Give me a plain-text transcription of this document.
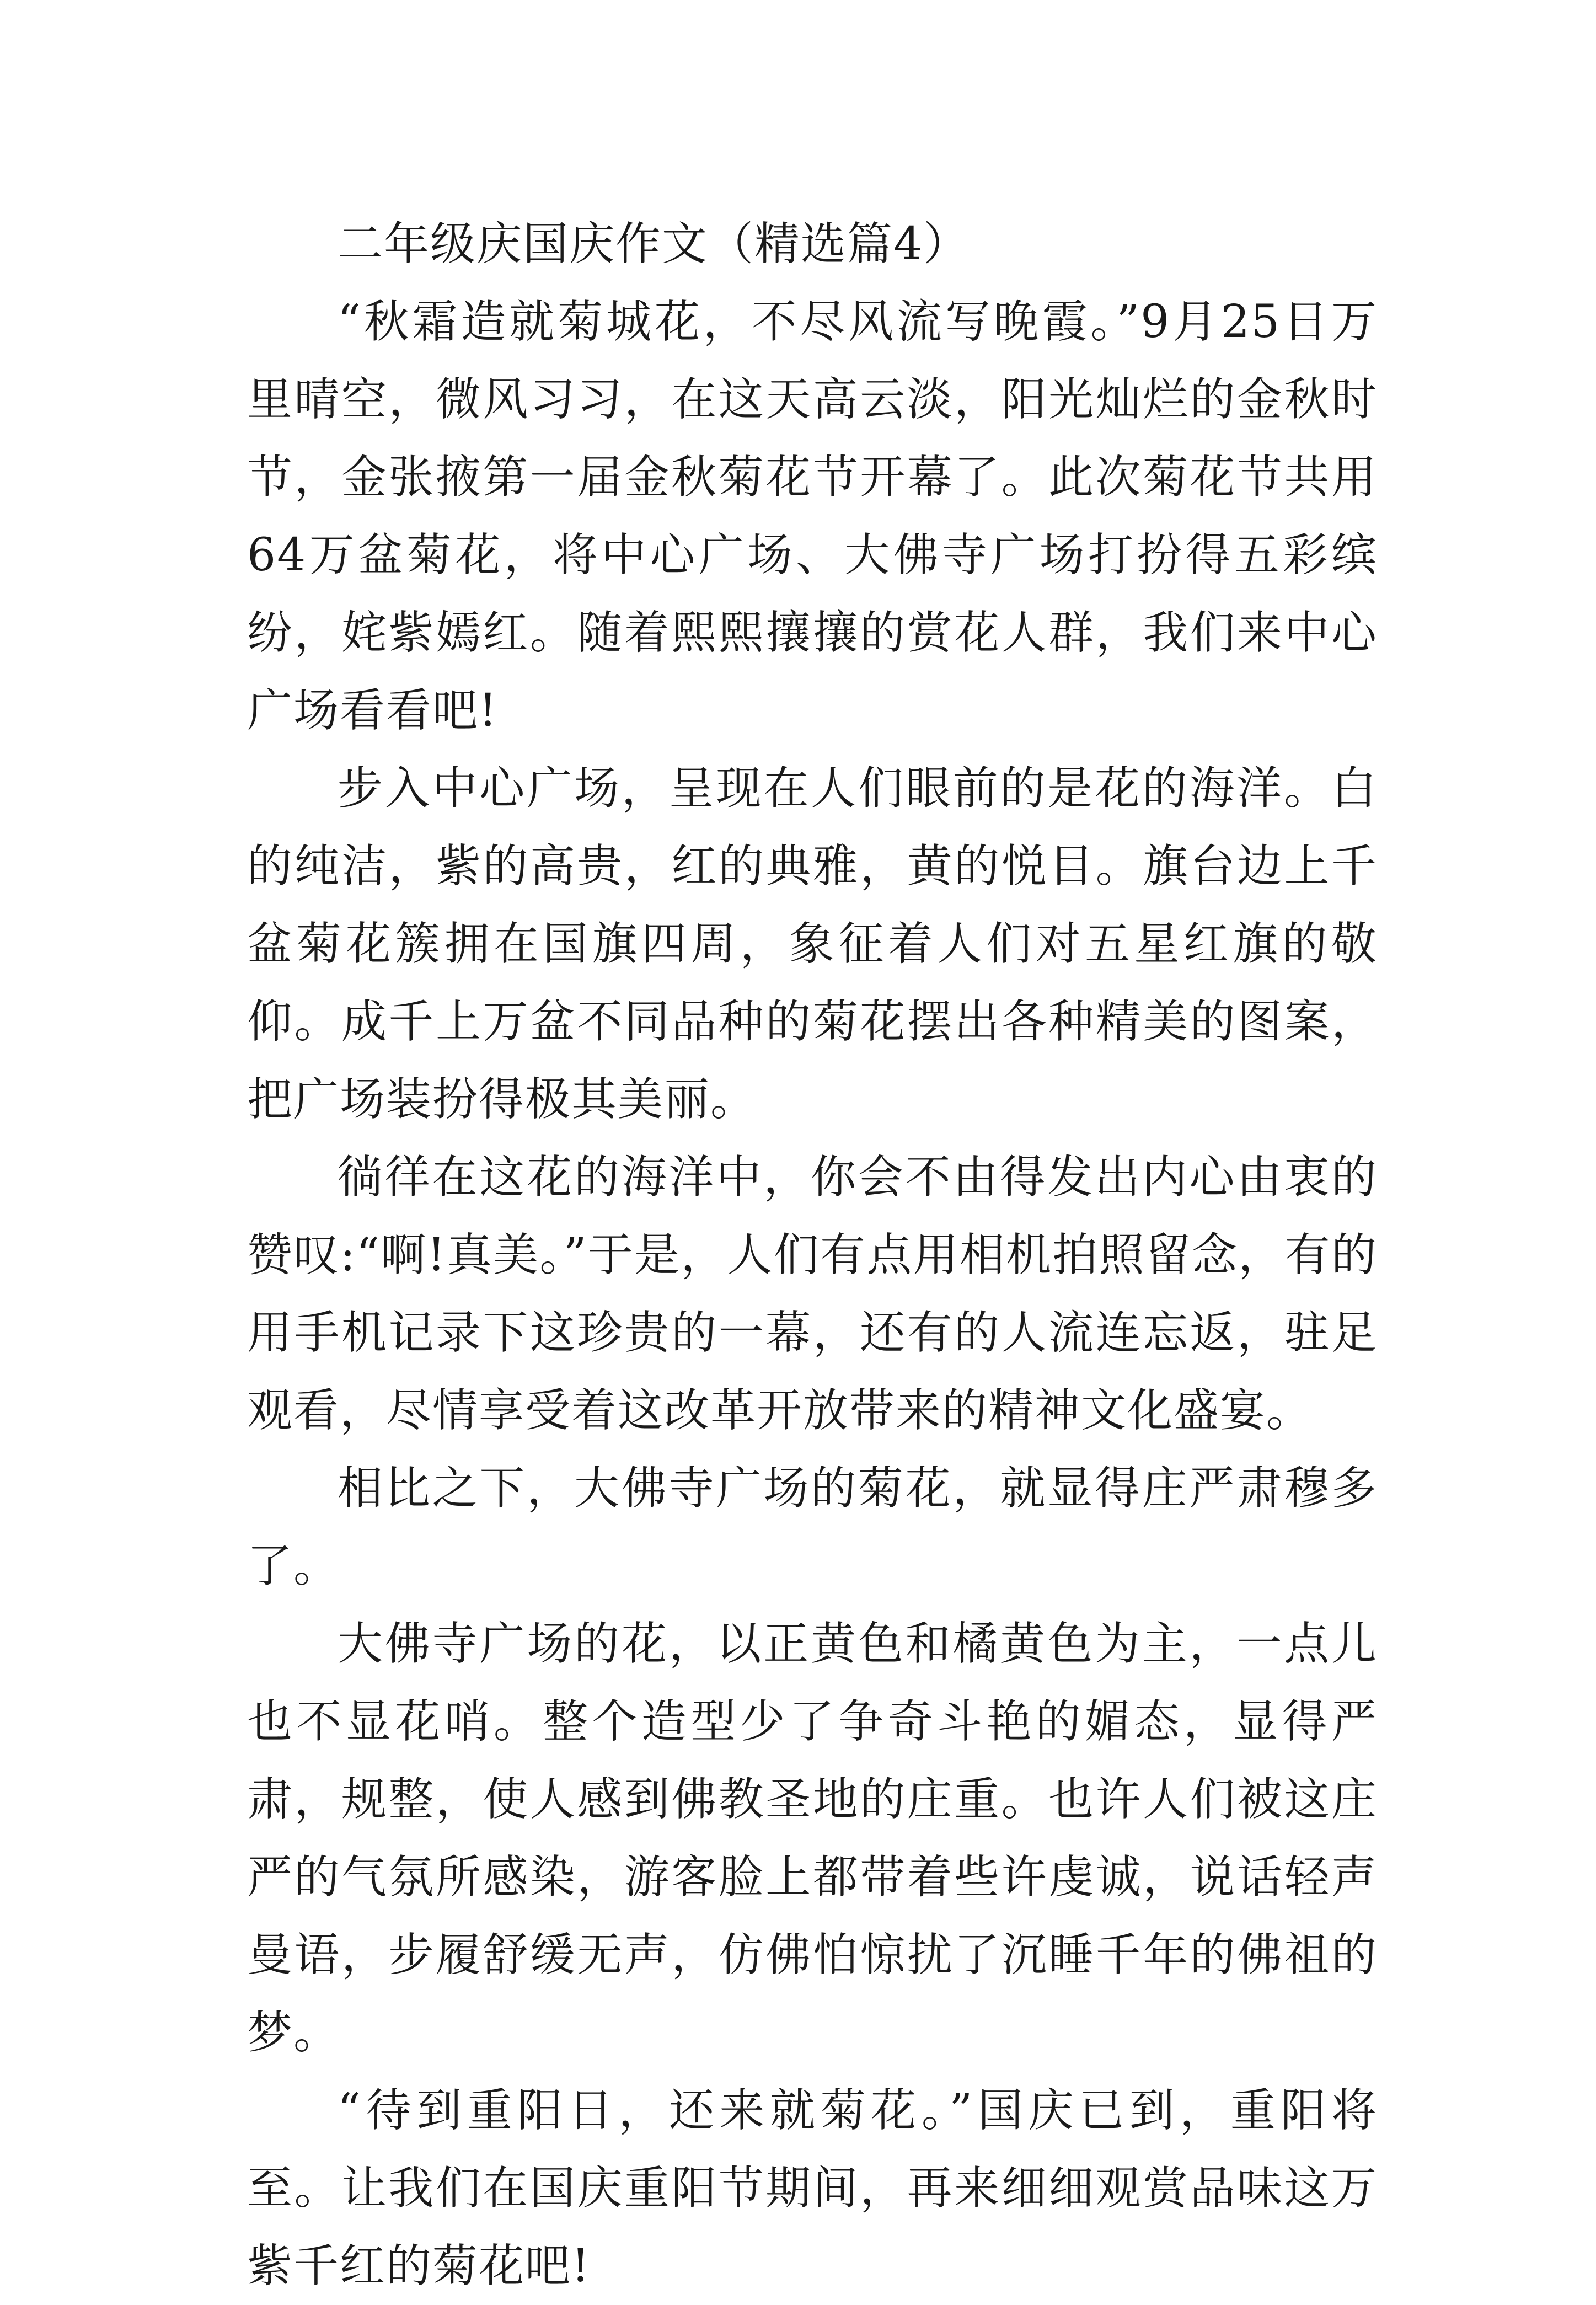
二年级庆国庆作文（精选篇4）

“秋霜造就菊城花，不尽风流写晚霞。”9月25日万里晴空，微风习习，在这天高云淡，阳光灿烂的金秋时节，金张掖第一届金秋菊花节开幕了。此次菊花节共用64万盆菊花，将中心广场、大佛寺广场打扮得五彩缤纷，姹紫嫣红。随着熙熙攘攘的赏花人群，我们来中心广场看看吧!

步入中心广场，呈现在人们眼前的是花的海洋。白的纯洁，紫的高贵，红的典雅，黄的悦目。旗台边上千盆菊花簇拥在国旗四周，象征着人们对五星红旗的敬仰。成千上万盆不同品种的菊花摆出各种精美的图案，把广场装扮得极其美丽。

徜徉在这花的海洋中，你会不由得发出内心由衷的赞叹:“啊!真美。”于是，人们有点用相机拍照留念，有的用手机记录下这珍贵的一幕，还有的人流连忘返，驻足观看，尽情享受着这改革开放带来的精神文化盛宴。

相比之下，大佛寺广场的菊花，就显得庄严肃穆多了。

大佛寺广场的花，以正黄色和橘黄色为主，一点儿也不显花哨。整个造型少了争奇斗艳的媚态，显得严肃，规整，使人感到佛教圣地的庄重。也许人们被这庄严的气氛所感染，游客脸上都带着些许虔诚，说话轻声曼语，步履舒缓无声，仿佛怕惊扰了沉睡千年的佛祖的梦。

“待到重阳日，还来就菊花。”国庆已到，重阳将至。让我们在国庆重阳节期间，再来细细观赏品味这万紫千红的菊花吧!
